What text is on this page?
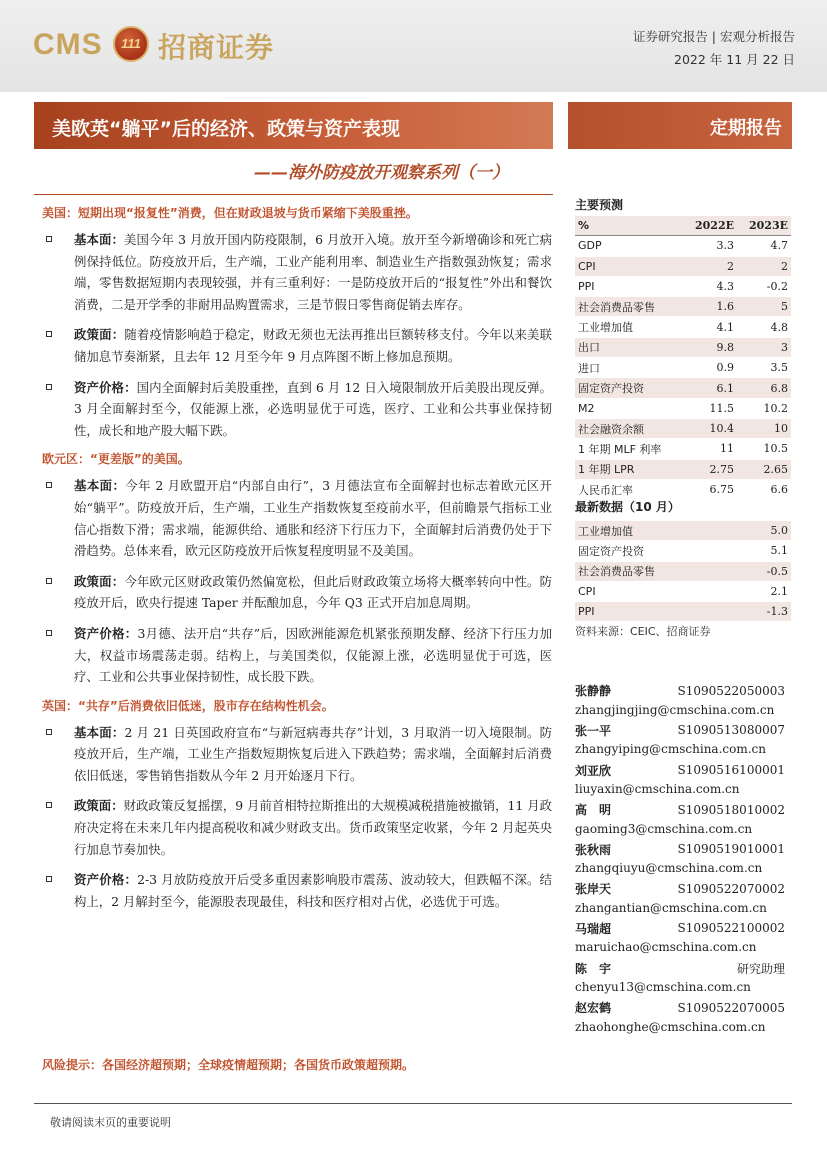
CMS	111 招商证券	证券研究报告 | 宏观分析报告
2022 年 11 月 22 日
美欧英“躺平”后的经济、政策与资产表现	定期报告
——海外防疫放开观察系列（一）
美国：短期出现“报复性”消费，但在财政退坡与货币紧缩下美股重挫。
基本面：美国今年 3 月放开国内防疫限制，6 月放开入境。放开至今新增确诊和死亡病例保持低位。防疫放开后，生产端，工业产能利用率、制造业生产指数强劲恢复；需求端，零售数据短期内表现较强，并有三重利好：一是防疫放开后的“报复性”外出和餐饮消费，二是开学季的非耐用品购置需求，三是节假日零售商促销去库存。
政策面：随着疫情影响趋于稳定，财政无须也无法再推出巨额转移支付。今年以来美联储加息节奏渐紧，且去年 12 月至今年 9 月点阵图不断上修加息预期。
资产价格：国内全面解封后美股重挫，直到 6 月 12 日入境限制放开后美股出现反弹。3 月全面解封至今，仅能源上涨，必选明显优于可选，医疗、工业和公共事业保持韧性，成长和地产股大幅下跌。
欧元区：“更差版”的美国。
基本面：今年 2 月欧盟开启“内部自由行”，3 月德法宣布全面解封也标志着欧元区开始“躺平”。防疫放开后，生产端，工业生产指数恢复至疫前水平，但前瞻景气指标工业信心指数下滑；需求端，能源供给、通胀和经济下行压力下，全面解封后消费仍处于下滑趋势。总体来看，欧元区防疫放开后恢复程度明显不及美国。
政策面：今年欧元区财政政策仍然偏宽松，但此后财政政策立场将大概率转向中性。防疫放开后，欧央行提速 Taper 并酝酿加息，今年 Q3 正式开启加息周期。
资产价格：3月德、法开启“共存”后，因欧洲能源危机紧张预期发酵、经济下行压力加大，权益市场震荡走弱。结构上，与美国类似，仅能源上涨，必选明显优于可选，医疗、工业和公共事业保持韧性，成长股下跌。
英国：“共存”后消费依旧低迷，股市存在结构性机会。
基本面：2 月 21 日英国政府宣布“与新冠病毒共存”计划，3 月取消一切入境限制。防疫放开后，生产端，工业生产指数短期恢复后进入下跌趋势；需求端，全面解封后消费依旧低迷，零售销售指数从今年 2 月开始逐月下行。
政策面：财政政策反复摇摆，9 月前首相特拉斯推出的大规模减税措施被撤销，11 月政府决定将在未来几年内提高税收和减少财政支出。货币政策坚定收紧，今年 2 月起英央行加息节奏加快。
资产价格：2-3 月放防疫放开后受多重因素影响股市震荡、波动较大，但跌幅不深。结构上，2 月解封至今，能源股表现最佳，科技和医疗相对占优，必选优于可选。
风险提示：各国经济超预期；全球疫情超预期；各国货币政策超预期。
主要预测
%	2022E	2023E
GDP	3.3	4.7
CPI	2	2
PPI	4.3	-0.2
社会消费品零售	1.6	5
工业增加值	4.1	4.8
出口	9.8	3
进口	0.9	3.5
固定资产投资	6.1	6.8
M2	11.5	10.2
社会融资余额	10.4	10
1 年期 MLF 利率	11	10.5
1 年期 LPR	2.75	2.65
人民币汇率	6.75	6.6
最新数据（10 月）
工业增加值	5.0
固定资产投资	5.1
社会消费品零售	-0.5
CPI	2.1
PPI	-1.3
资料来源：CEIC、招商证券
张静静	S1090522050003
zhangjingjing@cmschina.com.cn
张一平	S1090513080007
zhangyiping@cmschina.com.cn
刘亚欣	S1090516100001
liuyaxin@cmschina.com.cn
高　明	S1090518010002
gaoming3@cmschina.com.cn
张秋雨	S1090519010001
zhangqiuyu@cmschina.com.cn
张岸天	S1090522070002
zhangantian@cmschina.com.cn
马瑞超	S1090522100002
maruichao@cmschina.com.cn
陈　宇	研究助理
chenyu13@cmschina.com.cn
赵宏鹤	S1090522070005
zhaohonghe@cmschina.com.cn
敬请阅读末页的重要说明
